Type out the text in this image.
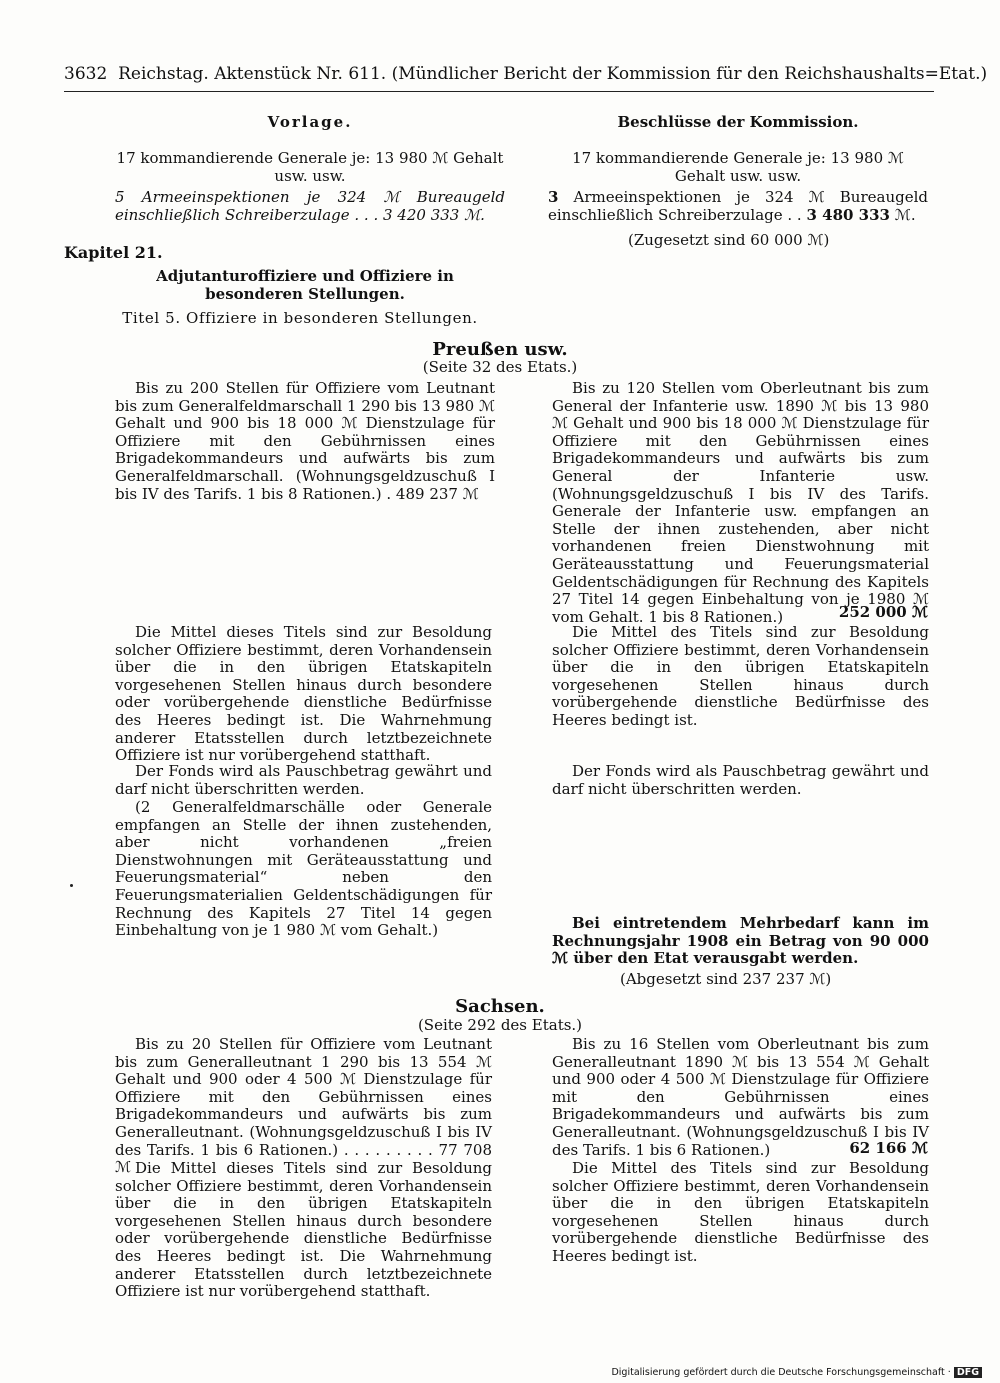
3632 Reichstag. Aktenstück Nr. 611. (Mündlicher Bericht der Kommission für den Reichshaushalts=Etat.)
Vorlage.	Beschlüsse der Kommission.
17 kommandierende Generale je: 13 980 ℳ Gehalt usw. usw.
5 Armeeinspektionen je 324 ℳ Bureaugeld einschließlich Schreiberzulage . . . 3 420 333 ℳ.
17 kommandierende Generale je: 13 980 ℳ Gehalt usw. usw.
3 Armeeinspektionen je 324 ℳ Bureaugeld einschließlich Schreiberzulage . . 3 480 333 ℳ.
(Zugesetzt sind 60 000 ℳ)
Kapitel 21.
Adjutanturoffiziere und Offiziere in besonderen Stellungen.
Titel 5. Offiziere in besonderen Stellungen.
Preußen usw.
(Seite 32 des Etats.)
Bis zu 200 Stellen für Offiziere vom Leutnant bis zum Generalfeldmarschall 1 290 bis 13 980 ℳ Gehalt und 900 bis 18 000 ℳ Dienstzulage für Offiziere mit den Gebührnissen eines Brigadekommandeurs und aufwärts bis zum Generalfeldmarschall. (Wohnungsgeldzuschuß I bis IV des Tarifs. 1 bis 8 Rationen.) . 489 237 ℳ
Bis zu 120 Stellen vom Oberleutnant bis zum General der Infanterie usw. 1890 ℳ bis 13 980 ℳ Gehalt und 900 bis 18 000 ℳ Dienstzulage für Offiziere mit den Gebührnissen eines Brigadekommandeurs und aufwärts bis zum General der Infanterie usw. (Wohnungsgeldzuschuß I bis IV des Tarifs. Generale der Infanterie usw. empfangen an Stelle der ihnen zustehenden, aber nicht vorhandenen freien Dienstwohnung mit Geräteausstattung und Feuerungsmaterial Geldentschädigungen für Rechnung des Kapitels 27 Titel 14 gegen Einbehaltung von je 1980 ℳ vom Gehalt. 1 bis 8 Rationen.)	252 000 ℳ
Die Mittel dieses Titels sind zur Besoldung solcher Offiziere bestimmt, deren Vorhandensein über die in den übrigen Etatskapiteln vorgesehenen Stellen hinaus durch besondere oder vorübergehende dienstliche Bedürfnisse des Heeres bedingt ist. Die Wahrnehmung anderer Etatsstellen durch letztbezeichnete Offiziere ist nur vorübergehend statthaft.
Der Fonds wird als Pauschbetrag gewährt und darf nicht überschritten werden.
(2 Generalfeldmarschälle oder Generale empfangen an Stelle der ihnen zustehenden, aber nicht vorhandenen „freien Dienstwohnungen mit Geräteausstattung und Feuerungsmaterial“ neben den Feuerungsmaterialien Geldentschädigungen für Rechnung des Kapitels 27 Titel 14 gegen Einbehaltung von je 1 980 ℳ vom Gehalt.)
Die Mittel des Titels sind zur Besoldung solcher Offiziere bestimmt, deren Vorhandensein über die in den übrigen Etatskapiteln vorgesehenen Stellen hinaus durch vorübergehende dienstliche Bedürfnisse des Heeres bedingt ist.
Der Fonds wird als Pauschbetrag gewährt und darf nicht überschritten werden.
Bei eintretendem Mehrbedarf kann im Rechnungsjahr 1908 ein Betrag von 90 000 ℳ über den Etat verausgabt werden.
(Abgesetzt sind 237 237 ℳ)
Sachsen.
(Seite 292 des Etats.)
Bis zu 20 Stellen für Offiziere vom Leutnant bis zum Generalleutnant 1 290 bis 13 554 ℳ Gehalt und 900 oder 4 500 ℳ Dienstzulage für Offiziere mit den Gebührnissen eines Brigadekommandeurs und aufwärts bis zum Generalleutnant. (Wohnungsgeldzuschuß I bis IV des Tarifs. 1 bis 6 Rationen.) . . . . . . . . . 77 708 ℳ Die Mittel dieses Titels sind zur Besoldung solcher Offiziere bestimmt, deren Vorhandensein über die in den übrigen Etatskapiteln vorgesehenen Stellen hinaus durch besondere oder vorübergehende dienstliche Bedürfnisse des Heeres bedingt ist. Die Wahrnehmung anderer Etatsstellen durch letztbezeichnete Offiziere ist nur vorübergehend statthaft.
Bis zu 16 Stellen vom Oberleutnant bis zum Generalleutnant 1890 ℳ bis 13 554 ℳ Gehalt und 900 oder 4 500 ℳ Dienstzulage für Offiziere mit den Gebührnissen eines Brigadekommandeurs und aufwärts bis zum Generalleutnant. (Wohnungsgeldzuschuß I bis IV des Tarifs. 1 bis 6 Rationen.)	62 166 ℳ
Die Mittel des Titels sind zur Besoldung solcher Offiziere bestimmt, deren Vorhandensein über die in den übrigen Etatskapiteln vorgesehenen Stellen hinaus durch vorübergehende dienstliche Bedürfnisse des Heeres bedingt ist.
Digitalisierung gefördert durch die Deutsche Forschungsgemeinschaft · DFG
